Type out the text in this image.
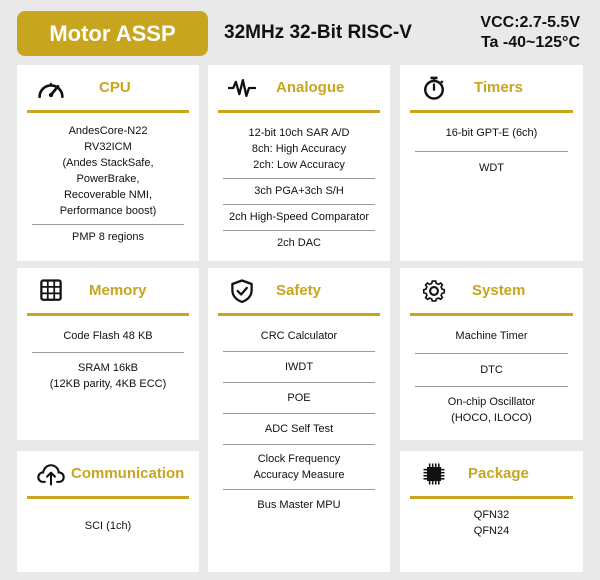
Motor ASSP	32MHz 32-Bit RISC-V	VCC:2.7-5.5V
Ta -40~125°C
CPU
AndesCore-N22
RV32ICM
(Andes StackSafe,
PowerBrake,
Recoverable NMI,
Performance boost)
PMP 8 regions
Analogue
12-bit 10ch SAR A/D
8ch: High Accuracy
2ch: Low Accuracy
3ch PGA+3ch S/H
2ch High-Speed Comparator
2ch DAC
Timers
16-bit GPT-E (6ch)
WDT
Memory
Code Flash 48 KB
SRAM 16kB
(12KB parity, 4KB ECC)
Safety
CRC Calculator
IWDT
POE
ADC Self Test
Clock Frequency
Accuracy Measure
Bus Master MPU
System
Machine Timer
DTC
On-chip Oscillator
(HOCO, ILOCO)
Communication
SCI (1ch)
Package
QFN32
QFN24
